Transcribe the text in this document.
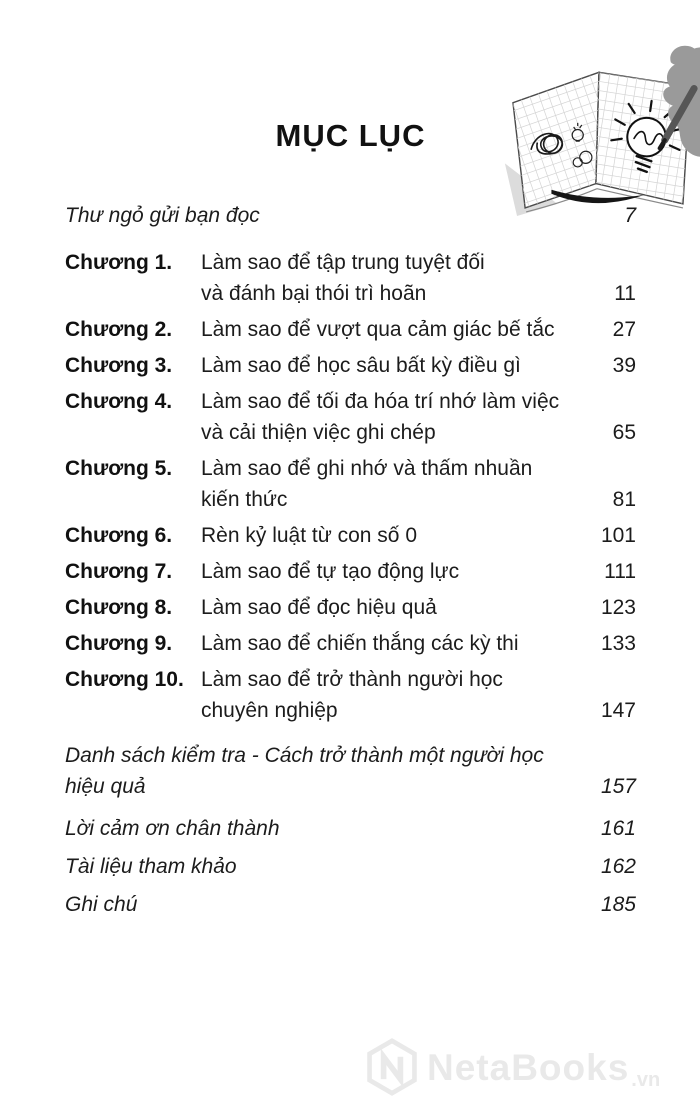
MỤC LỤC
Thư ngỏ gửi bạn đọc	7
Chương 1.	Làm sao để tập trung tuyệt đối
và đánh bại thói trì hoãn	11
Chương 2.	Làm sao để vượt qua cảm giác bế tắc	27
Chương 3.	Làm sao để học sâu bất kỳ điều gì	39
Chương 4.	Làm sao để tối đa hóa trí nhớ làm việc
và cải thiện việc ghi chép	65
Chương 5.	Làm sao để ghi nhớ và thấm nhuần
kiến thức	81
Chương 6.	Rèn kỷ luật từ con số 0	101
Chương 7.	Làm sao để tự tạo động lực	111
Chương 8.	Làm sao để đọc hiệu quả	123
Chương 9.	Làm sao để chiến thắng các kỳ thi	133
Chương 10. Làm sao để trở thành người học
chuyên nghiệp	147
Danh sách kiểm tra - Cách trở thành một người học
hiệu quả	157
Lời cảm ơn chân thành	161
Tài liệu tham khảo	162
Ghi chú	185
NetaBooks .vn
